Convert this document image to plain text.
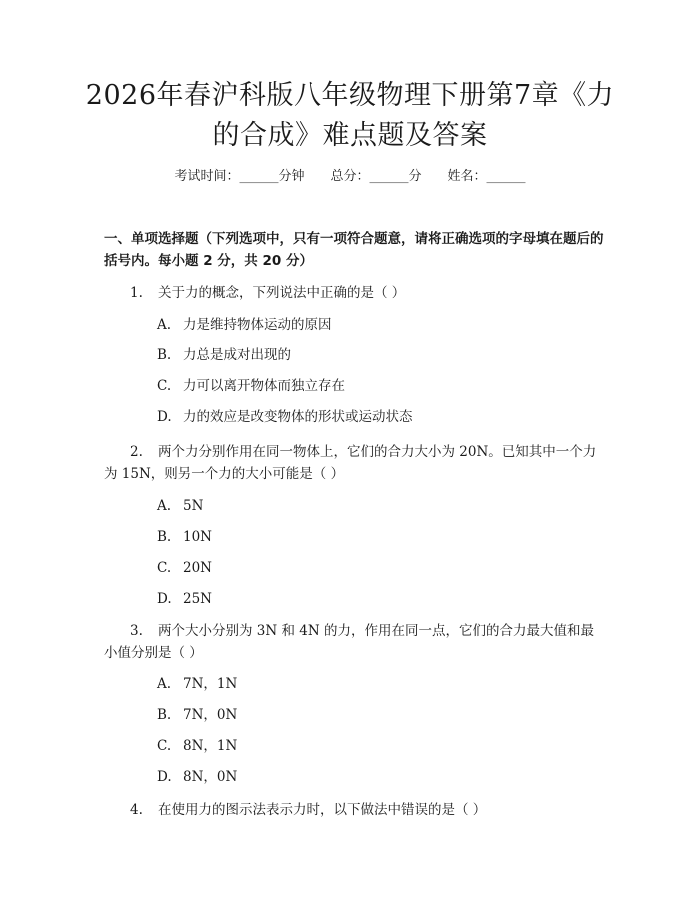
2026年春沪科版八年级物理下册第7章《力
的合成》难点题及答案
考试时间：______分钟 总分：______分 姓名：______
一、单项选择题（下列选项中，只有一项符合题意，请将正确选项的字母填在题后的括号内。每小题 2 分，共 20 分）
1. 关于力的概念，下列说法中正确的是（ ）
A. 力是维持物体运动的原因
B. 力总是成对出现的
C. 力可以离开物体而独立存在
D. 力的效应是改变物体的形状或运动状态
2. 两个力分别作用在同一物体上，它们的合力大小为 20N。已知其中一个力为 15N，则另一个力的大小可能是（ ）
A. 5N
B. 10N
C. 20N
D. 25N
3. 两个大小分别为 3N 和 4N 的力，作用在同一点，它们的合力最大值和最小值分别是（ ）
A. 7N，1N
B. 7N，0N
C. 8N，1N
D. 8N，0N
4. 在使用力的图示法表示力时，以下做法中错误的是（ ）
